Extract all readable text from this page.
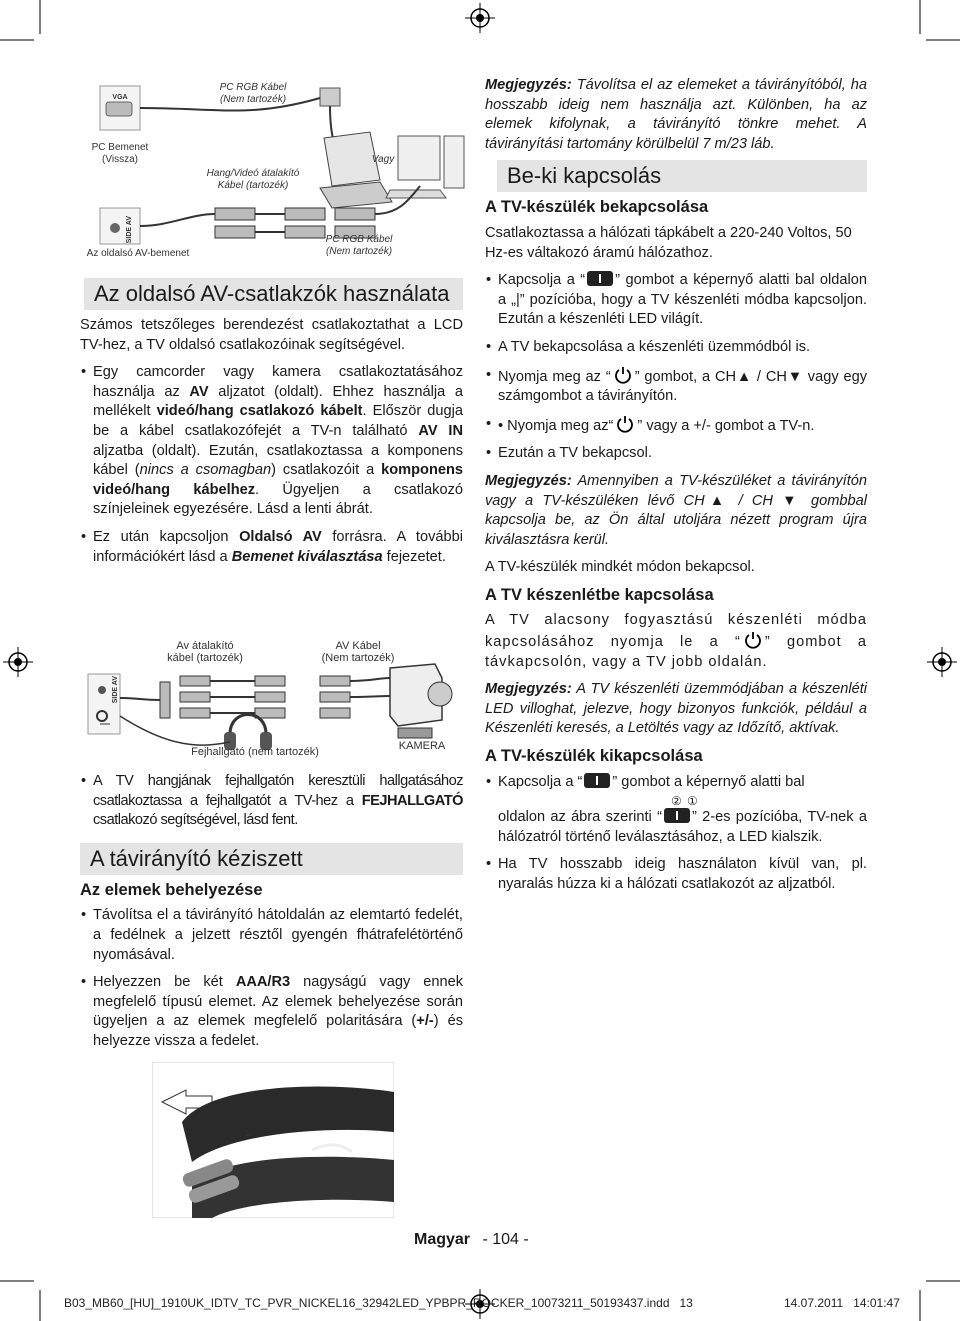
VGA
SIDE AV
PC Bemenet
(Vissza)
Az oldalsó AV-bemenet
PC RGB Kábel
(Nem tartozék)
Hang/Videó átalakító
Kábel (tartozék)
Vagy
PC RGB Kábel
(Nem tartozék)
Az oldalsó AV-csatlakzók használata

Számos tetszőleges berendezést csatlakoztathat a LCD TV-hez, a TV oldalsó csatlakozóinak segítségével.

• Egy camcorder vagy kamera csatlakoztatásához használja az AV aljzatot (oldalt). Ehhez használja a mellékelt videó/hang csatlakozó kábelt. Először dugja be a kábel csatlakozófejét a TV-n található AV IN aljzatba (oldalt). Ezután, csatlakoztassa a komponens kábel (nincs a csomagban) csatlakozóit a komponens videó/hang kábelhez. Ügyeljen a csatlakozó színjeleinek egyezésére. Lásd a lenti ábrát.
• Ez után kapcsoljon Oldalsó AV forrásra. A további információkért lásd a Bemenet kiválasztása fejezetet.
Av átalakító
kábel (tartozék)
AV Kábel
(Nem tartozék)
SIDE AV
Fejhallgató (nem tartozék)	KAMERA
• A TV hangjának fejhallgatón keresztüli hallgatásához csatlakoztassa a fejhallgatót a TV-hez a FEJHALLGATÓ csatlakozó segítségével, lásd fent.
A távirányító kéziszett
Az elemek behelyezése
• Távolítsa el a távirányító hátoldalán az elemtartó fedelét, a fedélnek a jelzett résztől gyengén fhátrafelétörténő nyomásával.
• Helyezzen be két AAA/R3 nagyságú vagy ennek megfelelő típusú elemet. Az elemek behelyezése során ügyeljen a az elemek megfelelő polaritására (+/-) és helyezze vissza a fedelet.
1.
2.	3.

Megjegyzés: Távolítsa el az elemeket a távirányítóból, ha hosszabb ideig nem használja azt. Különben, ha az elemek kifolynak, a távirányító tönkre mehet. A távirányítási tartomány körülbelül 7 m/23 láb.

Be-ki kapcsolás
A TV-készülék bekapcsolása

Csatlakoztassa a hálózati tápkábelt a 220-240 Voltos, 50 Hz-es váltakozó áramú hálózathoz.

• Kapcsolja a “ ” gombot a képernyő alatti bal oldalon a „|” pozícióba, hogy a TV készenléti módba kapcsoljon. Ezután a készenléti LED világít.
• A TV bekapcsolása a készenléti üzemmódból is.
• Nyomja meg az “ ” gombot, a CH▲ / CH▼ vagy egy számgombot a távirányítón.
• • Nyomja meg az“ ” vagy a +/- gombot a TV-n.
• Ezután a TV bekapcsol.

Megjegyzés: Amennyiben a TV-készüléket a távirányítón vagy a TV-készüléken lévő CH▲ / CH ▼ gombbal kapcsolja be, az Ön által utoljára nézett program újra kiválasztásra kerül.

A TV-készülék mindkét módon bekapcsol.

A TV készenlétbe kapcsolása

A TV alacsony fogyasztású készenléti módba kapcsolásához nyomja le a “ ” gombot a távkapcsolón, vagy a TV jobb oldalán.

Megjegyzés: A TV készenléti üzemmódjában a készenléti LED villoghat, jelezve, hogy bizonyos funkciók, például a Készenléti keresés, a Letöltés vagy az Időzítő, aktívak.

A TV-készülék kikapcsolása
• Kapcsolja a “ ” gombot a képernyő alatti bal
② ①

oldalon az ábra szerinti “ ” 2-es pozícióba, TV-nek a hálózatról történő leválasztásához, a LED kialszik.

• Ha TV hosszabb ideig használaton kívül van, pl. nyaralás húzza ki a hálózati csatlakozót az aljzatból.
Magyar - 104 -
B03_MB60_[HU]_1910UK_IDTV_TC_PVR_NICKEL16_32942LED_YPBPR_ROCKER_10073211_50193437.indd   13	14.07.2011   14:01:47
